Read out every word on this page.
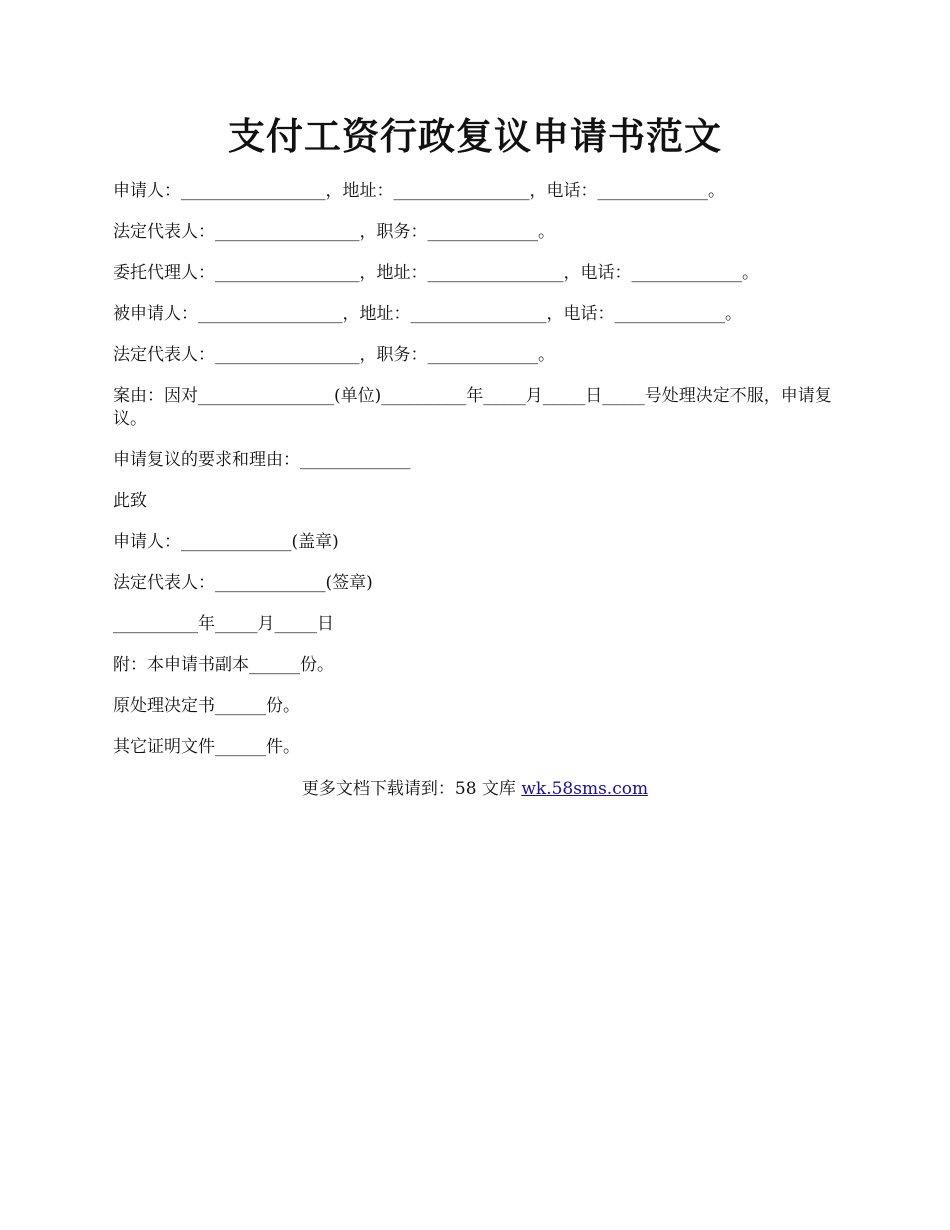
支付工资行政复议申请书范文

申请人：_________________，地址：________________，电话：_____________。

法定代表人：_________________，职务：_____________。

委托代理人：_________________，地址：________________，电话：_____________。

被申请人：_________________，地址：________________，电话：_____________。

法定代表人：_________________，职务：_____________。

案由：因对________________(单位)__________年_____月_____日_____号处理决定不服，申请复议。

申请复议的要求和理由：_____________

此致

申请人：_____________(盖章)

法定代表人：_____________(签章)

__________年_____月_____日

附：本申请书副本______份。

原处理决定书______份。

其它证明文件______件。

更多文档下载请到：58 文库 wk.58sms.com
